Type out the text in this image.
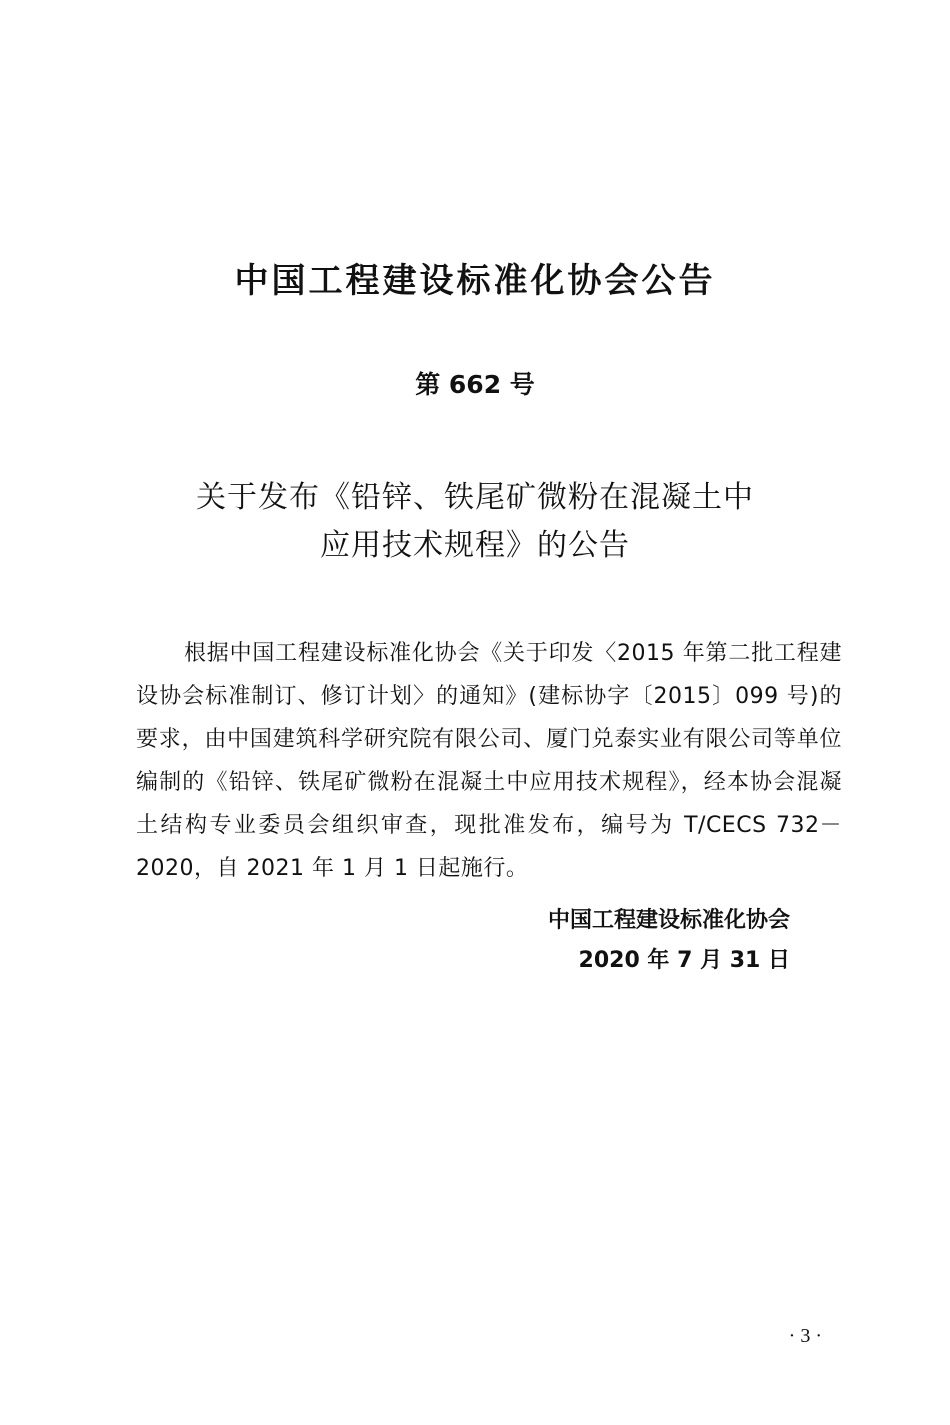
中国工程建设标准化协会公告
第 662 号
关于发布《铅锌、铁尾矿微粉在混凝土中
应用技术规程》的公告

根据中国工程建设标准化协会《关于印发〈2015 年第二批工程建设协会标准制订、修订计划〉的通知》(建标协字〔2015〕099 号)的要求，由中国建筑科学研究院有限公司、厦门兑泰实业有限公司等单位编制的《铅锌、铁尾矿微粉在混凝土中应用技术规程》，经本协会混凝土结构专业委员会组织审查，现批准发布，编号为 T/CECS 732－2020，自 2021 年 1 月 1 日起施行。

中国工程建设标准化协会
2020 年 7 月 31 日
· 3 ·
